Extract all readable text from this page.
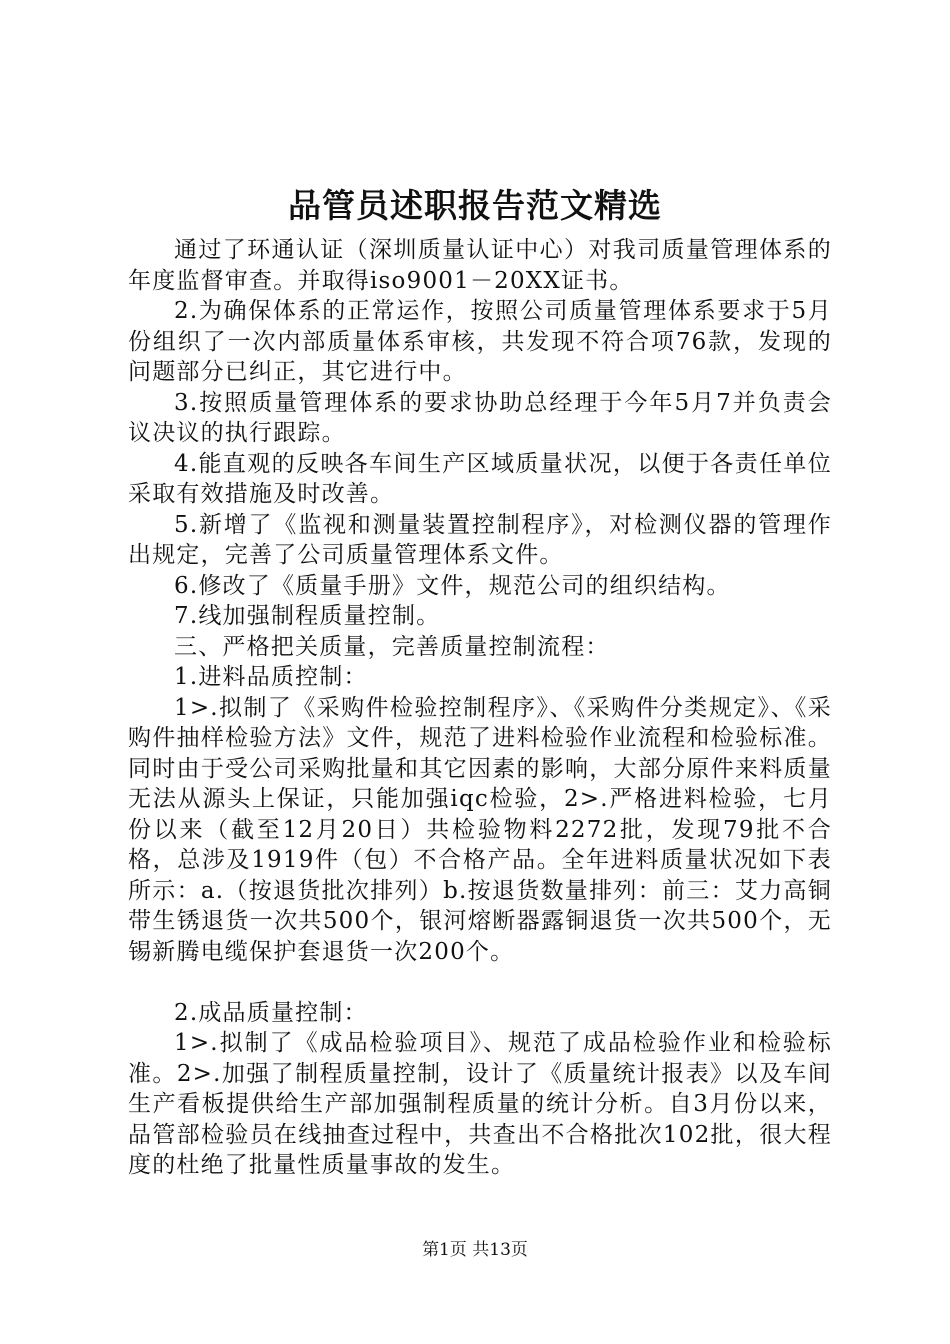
品管员述职报告范文精选

通过了环通认证（深圳质量认证中心）对我司质量管理体系的年度监督审查。并取得iso9001－20XX证书。

2.为确保体系的正常运作，按照公司质量管理体系要求于5月份组织了一次内部质量体系审核，共发现不符合项76款，发现的问题部分已纠正，其它进行中。

3.按照质量管理体系的要求协助总经理于今年5月7并负责会议决议的执行跟踪。

4.能直观的反映各车间生产区域质量状况，以便于各责任单位采取有效措施及时改善。

5.新增了《监视和测量装置控制程序》，对检测仪器的管理作出规定，完善了公司质量管理体系文件。

6.修改了《质量手册》文件，规范公司的组织结构。

7.线加强制程质量控制。

三、严格把关质量，完善质量控制流程：

1.进料品质控制：

1>.拟制了《采购件检验控制程序》、《采购件分类规定》、《采购件抽样检验方法》文件，规范了进料检验作业流程和检验标准。同时由于受公司采购批量和其它因素的影响，大部分原件来料质量无法从源头上保证，只能加强iqc检验，2>.严格进料检验，七月份以来（截至12月20日）共检验物料2272批，发现79批不合格，总涉及1919件（包）不合格产品。全年进料质量状况如下表所示：a.（按退货批次排列）b.按退货数量排列：前三：艾力高铜带生锈退货一次共500个，银河熔断器露铜退货一次共500个，无锡新腾电缆保护套退货一次200个。

2.成品质量控制：

1>.拟制了《成品检验项目》、规范了成品检验作业和检验标准。2>.加强了制程质量控制，设计了《质量统计报表》以及车间生产看板提供给生产部加强制程质量的统计分析。自3月份以来，品管部检验员在线抽查过程中，共查出不合格批次102批，很大程度的杜绝了批量性质量事故的发生。

第1页 共13页
